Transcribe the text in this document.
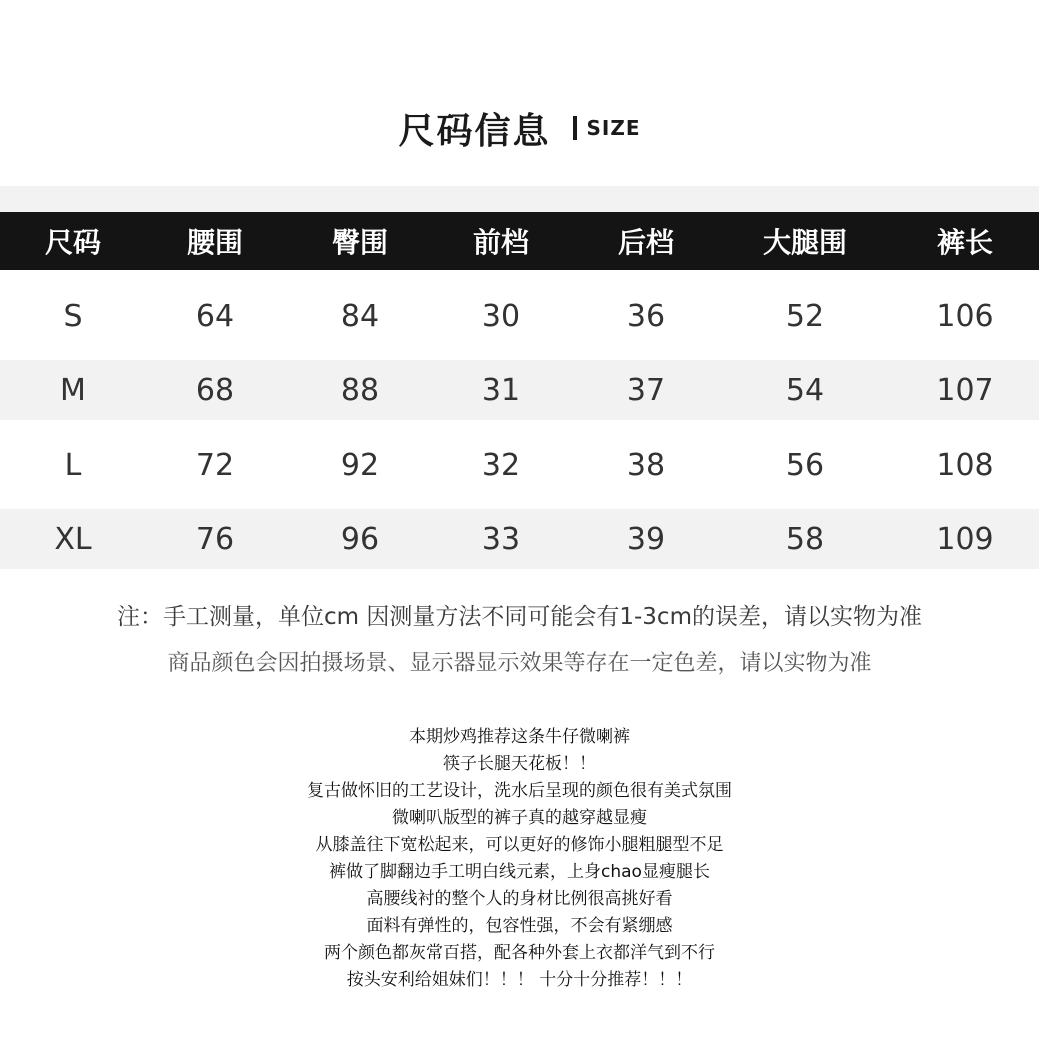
尺码信息 SIZE
尺码	腰围	臀围	前档	后档	大腿围	裤长
S	64	84	30	36	52	106
M	68	88	31	37	54	107
L	72	92	32	38	56	108
XL	76	96	33	39	58	109
注：手工测量，单位cm 因测量方法不同可能会有1-3cm的误差，请以实物为准
商品颜色会因拍摄场景、显示器显示效果等存在一定色差，请以实物为准
本期炒鸡推荐这条牛仔微喇裤
筷子长腿天花板！！
复古做怀旧的工艺设计，洗水后呈现的颜色很有美式氛围
微喇叭版型的裤子真的越穿越显瘦
从膝盖往下宽松起来，可以更好的修饰小腿粗腿型不足
裤做了脚翻边手工明白线元素，上身chao显瘦腿长
高腰线衬的整个人的身材比例很高挑好看
面料有弹性的，包容性强，不会有紧绷感
两个颜色都灰常百搭，配各种外套上衣都洋气到不行
按头安利给姐妹们！！！ 十分十分推荐！！！
